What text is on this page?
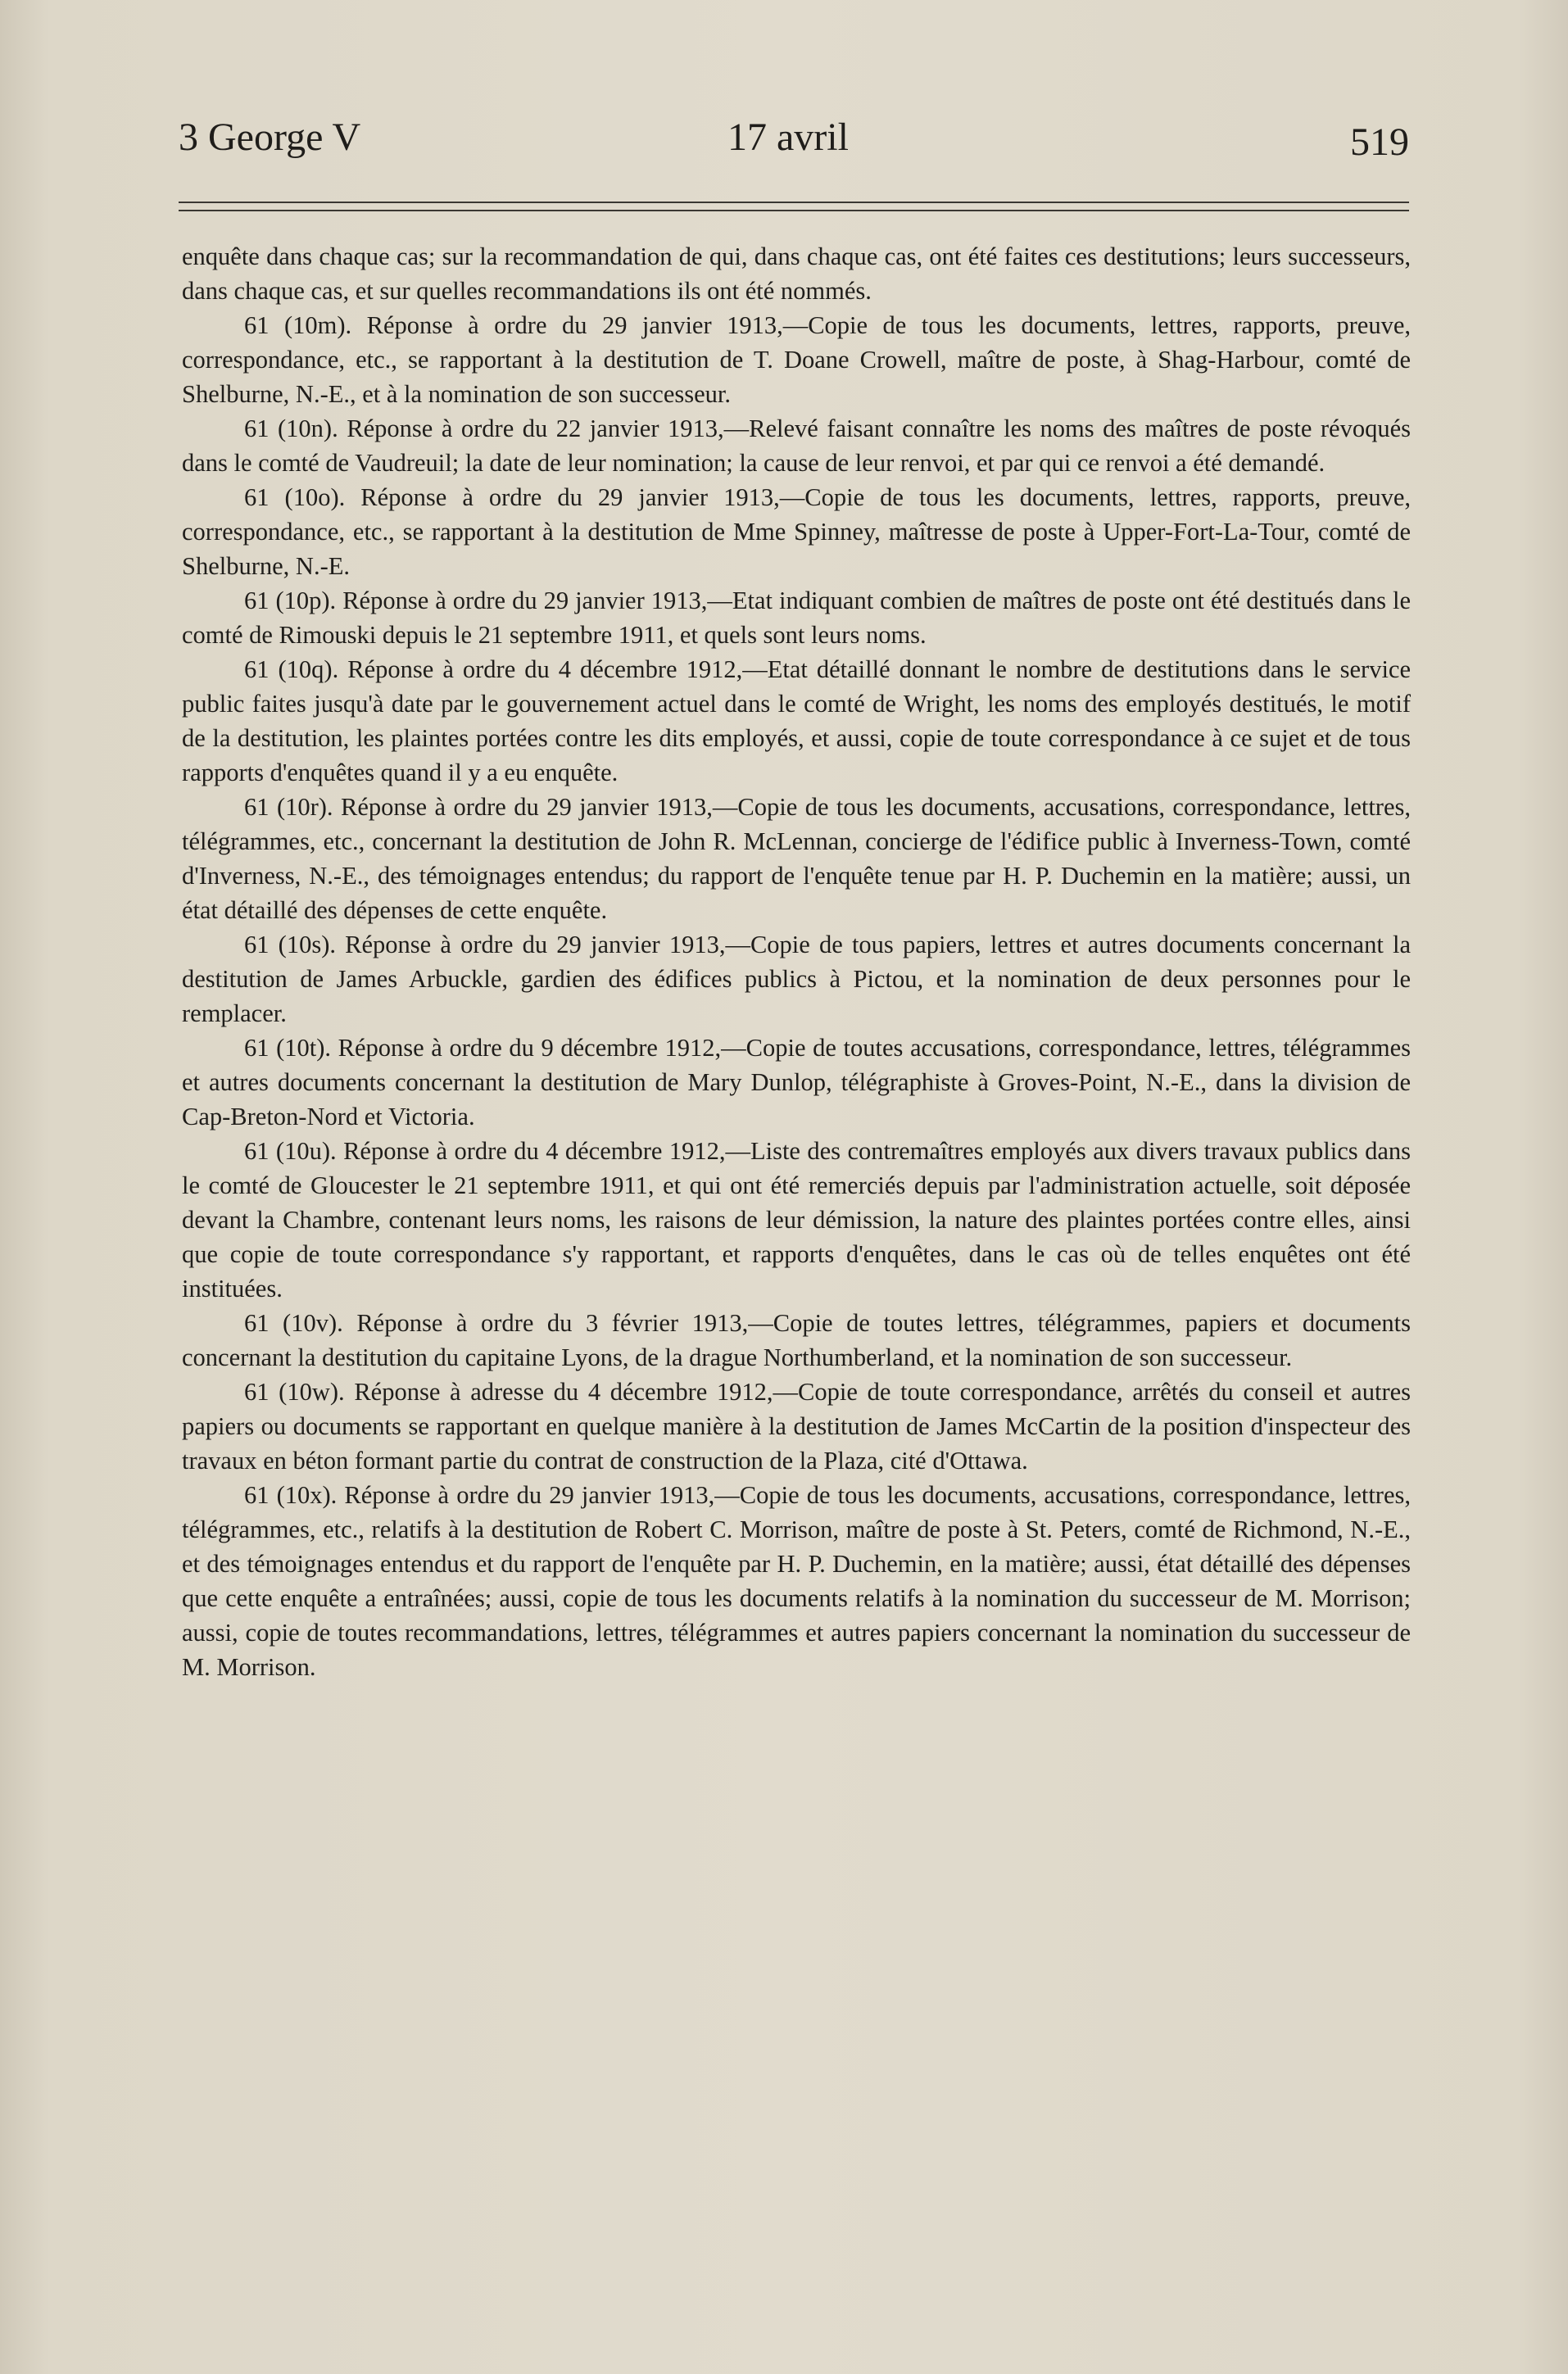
3 George V	17 avril	519

enquête dans chaque cas; sur la recommandation de qui, dans chaque cas, ont été faites ces destitutions; leurs successeurs, dans chaque cas, et sur quelles recommandations ils ont été nommés.

61 (10m). Réponse à ordre du 29 janvier 1913,—Copie de tous les documents, lettres, rapports, preuve, correspondance, etc., se rapportant à la destitution de T. Doane Crowell, maître de poste, à Shag-Harbour, comté de Shelburne, N.-E., et à la nomination de son successeur.

61 (10n). Réponse à ordre du 22 janvier 1913,—Relevé faisant connaître les noms des maîtres de poste révoqués dans le comté de Vaudreuil; la date de leur nomination; la cause de leur renvoi, et par qui ce renvoi a été demandé.

61 (10o). Réponse à ordre du 29 janvier 1913,—Copie de tous les documents, lettres, rapports, preuve, correspondance, etc., se rapportant à la destitution de Mme Spinney, maîtresse de poste à Upper-Fort-La-Tour, comté de Shelburne, N.-E.

61 (10p). Réponse à ordre du 29 janvier 1913,—Etat indiquant combien de maîtres de poste ont été destitués dans le comté de Rimouski depuis le 21 septembre 1911, et quels sont leurs noms.

61 (10q). Réponse à ordre du 4 décembre 1912,—Etat détaillé donnant le nombre de destitutions dans le service public faites jusqu'à date par le gouvernement actuel dans le comté de Wright, les noms des employés destitués, le motif de la destitution, les plaintes portées contre les dits employés, et aussi, copie de toute correspondance à ce sujet et de tous rapports d'enquêtes quand il y a eu enquête.

61 (10r). Réponse à ordre du 29 janvier 1913,—Copie de tous les documents, accusations, correspondance, lettres, télégrammes, etc., concernant la destitution de John R. McLennan, concierge de l'édifice public à Inverness-Town, comté d'Inverness, N.-E., des témoignages entendus; du rapport de l'enquête tenue par H. P. Duchemin en la matière; aussi, un état détaillé des dépenses de cette enquête.

61 (10s). Réponse à ordre du 29 janvier 1913,—Copie de tous papiers, lettres et autres documents concernant la destitution de James Arbuckle, gardien des édifices publics à Pictou, et la nomination de deux personnes pour le remplacer.

61 (10t). Réponse à ordre du 9 décembre 1912,—Copie de toutes accusations, correspondance, lettres, télégrammes et autres documents concernant la destitution de Mary Dunlop, télégraphiste à Groves-Point, N.-E., dans la division de Cap-Breton-Nord et Victoria.

61 (10u). Réponse à ordre du 4 décembre 1912,—Liste des contremaîtres employés aux divers travaux publics dans le comté de Gloucester le 21 septembre 1911, et qui ont été remerciés depuis par l'administration actuelle, soit déposée devant la Chambre, contenant leurs noms, les raisons de leur démission, la nature des plaintes portées contre elles, ainsi que copie de toute correspondance s'y rapportant, et rapports d'enquêtes, dans le cas où de telles enquêtes ont été instituées.

61 (10v). Réponse à ordre du 3 février 1913,—Copie de toutes lettres, télégrammes, papiers et documents concernant la destitution du capitaine Lyons, de la drague Northumberland, et la nomination de son successeur.

61 (10w). Réponse à adresse du 4 décembre 1912,—Copie de toute correspondance, arrêtés du conseil et autres papiers ou documents se rapportant en quelque manière à la destitution de James McCartin de la position d'inspecteur des travaux en béton formant partie du contrat de construction de la Plaza, cité d'Ottawa.

61 (10x). Réponse à ordre du 29 janvier 1913,—Copie de tous les documents, accusations, correspondance, lettres, télégrammes, etc., relatifs à la destitution de Robert C. Morrison, maître de poste à St. Peters, comté de Richmond, N.-E., et des témoignages entendus et du rapport de l'enquête par H. P. Duchemin, en la matière; aussi, état détaillé des dépenses que cette enquête a entraînées; aussi, copie de tous les documents relatifs à la nomination du successeur de M. Morrison; aussi, copie de toutes recommandations, lettres, télégrammes et autres papiers concernant la nomination du successeur de M. Morrison.
